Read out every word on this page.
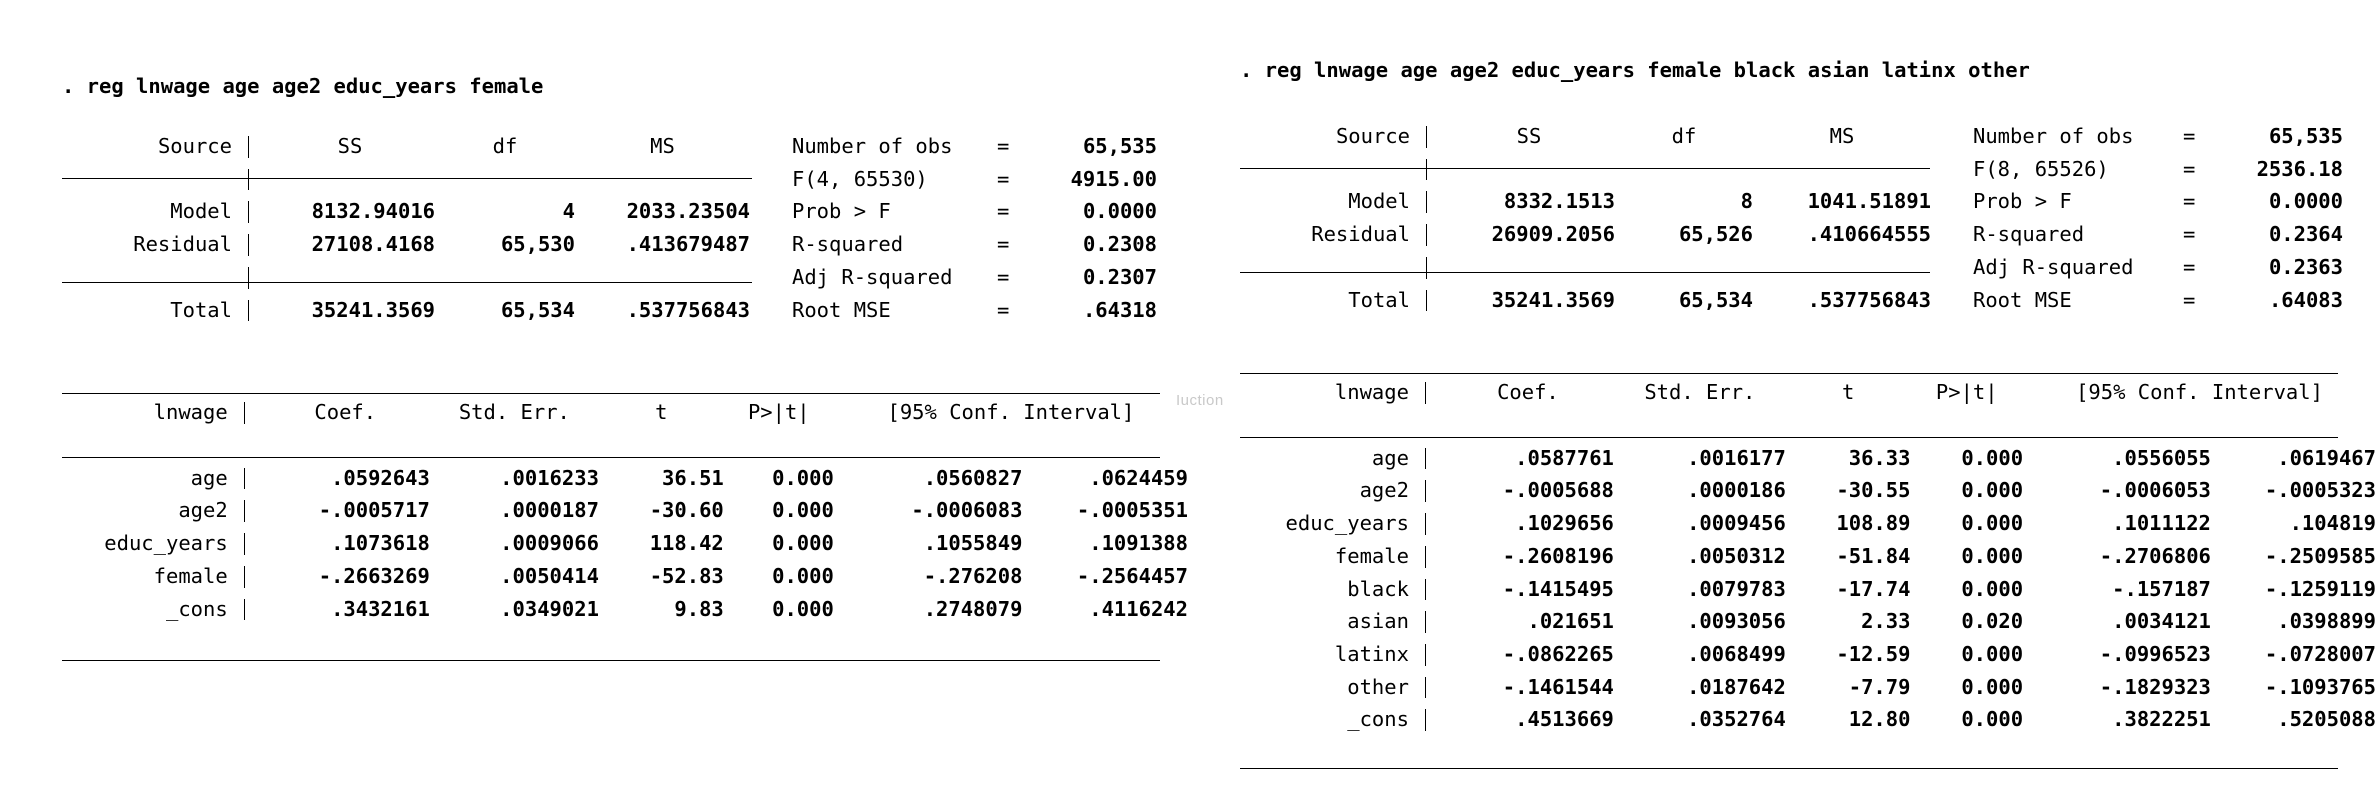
. reg lnwage age age2 educ_years female
Source		SS	df	MS	Number of obs	=	65,535

					F(4, 65530)	=	4915.00

Model		8132.94016	4	2033.23504	Prob > F	=	0.0000

Residual		27108.4168	65,530	.413679487	R-squared	=	0.2308

					Adj R-squared	=	0.2307

Total		35241.3569	65,534	.537756843	Root MSE	=	.64318
lnwage		Coef.	Std. Err.	t	P>|t|	[95% Conf. Interval]	

age		.0592643	.0016233	36.51	0.000	.0560827	.0624459

age2		-.0005717	.0000187	-30.60	0.000	-.0006083	-.0005351

educ_years		.1073618	.0009066	118.42	0.000	.1055849	.1091388

female		-.2663269	.0050414	-52.83	0.000	-.276208	-.2564457

_cons		.3432161	.0349021	9.83	0.000	.2748079	.4116242

. reg lnwage age age2 educ_years female black asian latinx other
Source		SS	df	MS	Number of obs	=	65,535

					F(8, 65526)	=	2536.18

Model		8332.1513	8	1041.51891	Prob > F	=	0.0000

Residual		26909.2056	65,526	.410664555	R-squared	=	0.2364

					Adj R-squared	=	0.2363

Total		35241.3569	65,534	.537756843	Root MSE	=	.64083
lnwage		Coef.	Std. Err.	t	P>|t|	[95% Conf. Interval]	

age		.0587761	.0016177	36.33	0.000	.0556055	.0619467

age2		-.0005688	.0000186	-30.55	0.000	-.0006053	-.0005323

educ_years		.1029656	.0009456	108.89	0.000	.1011122	.104819

female		-.2608196	.0050312	-51.84	0.000	-.2706806	-.2509585

black		-.1415495	.0079783	-17.74	0.000	-.157187	-.1259119

asian		.021651	.0093056	2.33	0.020	.0034121	.0398899

latinx		-.0862265	.0068499	-12.59	0.000	-.0996523	-.0728007

other		-.1461544	.0187642	-7.79	0.000	-.1829323	-.1093765

_cons		.4513669	.0352764	12.80	0.000	.3822251	.5205088

Iuction
